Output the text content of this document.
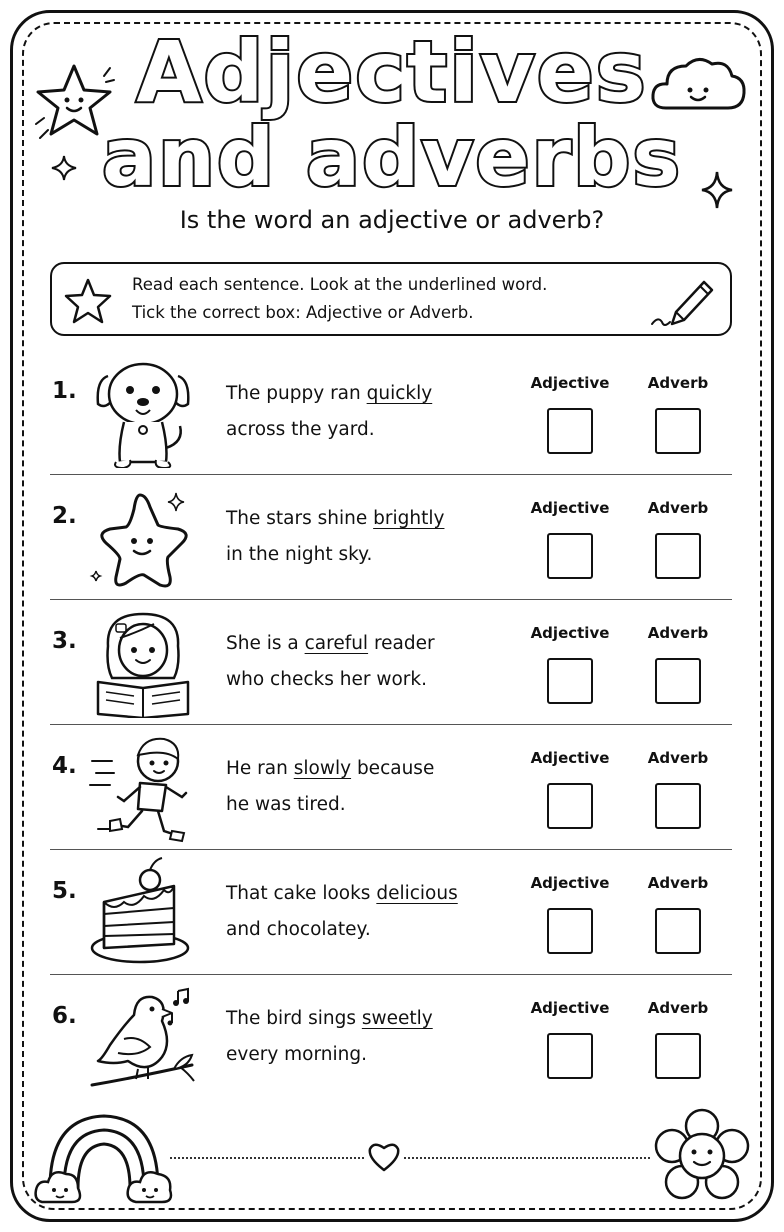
Adjectives
and adverbs
Is the word an adjective or adverb?
Read each sentence. Look at the underlined word.
Tick the correct box: Adjective or Adverb.
1.	The puppy ran quickly
across the yard.
Adjective	Adverb
2.	The stars shine brightly
in the night sky.
Adjective	Adverb
3.	She is a careful reader
who checks her work.
Adjective	Adverb
4.	He ran slowly because
he was tired.
Adjective	Adverb
5.	That cake looks delicious
and chocolatey.
Adjective	Adverb
6.	The bird sings sweetly
every morning.
Adjective	Adverb
